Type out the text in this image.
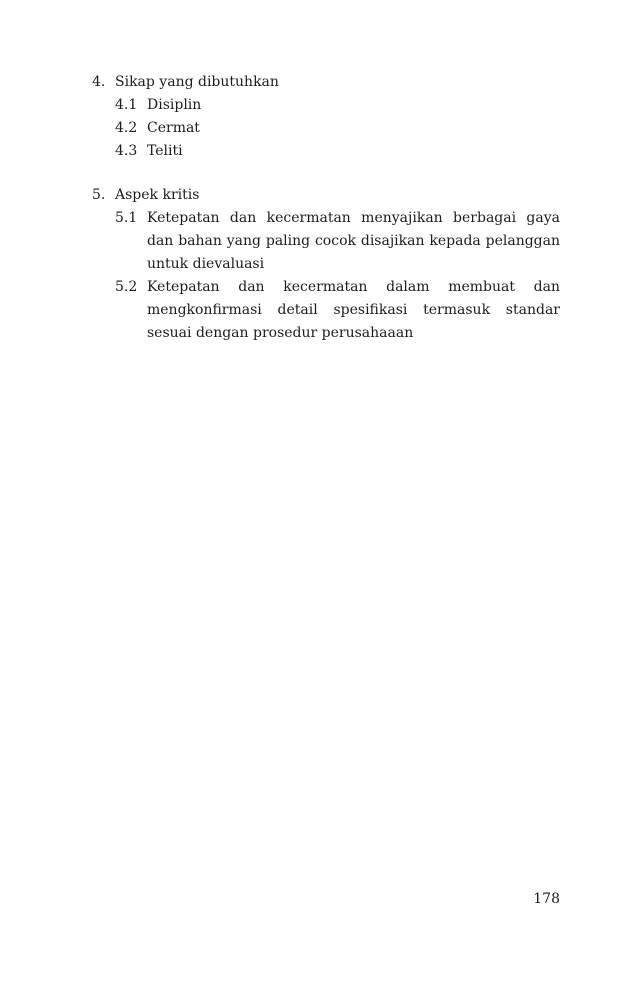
4. Sikap yang dibutuhkan
4.1 Disiplin
4.2 Cermat
4.3 Teliti
5. Aspek kritis
5.1 Ketepatan dan kecermatan menyajikan berbagai gaya dan bahan yang paling cocok disajikan kepada pelanggan untuk dievaluasi
5.2 Ketepatan dan kecermatan dalam membuat dan mengkonfirmasi detail spesifikasi termasuk standar sesuai dengan prosedur perusahaaan
178
